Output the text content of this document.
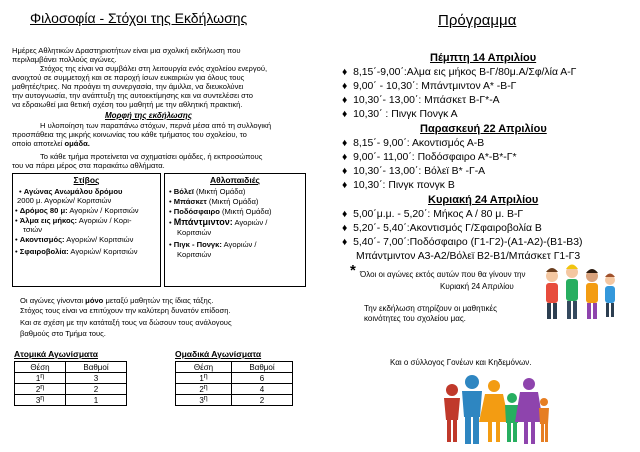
Φιλοσοφία - Στόχοι της Εκδήλωσης
Ημέρες Αθλητικών Δραστηριοτήτων είναι μια σχολική εκδήλωση που
περιλαμβάνει πολλούς αγώνες.
Στόχος της είναι να συμβάλει στη λειτουργία ενός σχολείου ενεργού,
ανοιχτού σε συμμετοχή και σε παροχή ίσων ευκαιριών για όλους τους
μαθητές/τριες. Να προάγει τη συνεργασία, την άμιλλα, να διευκολύνει
την αυτογνωσία, την ανάπτυξη της αυτοεκτίμησης και να συντελέσει στο
να εδραιωθεί μια θετική σχέση του μαθητή με την αθλητική πρακτική.
Μορφή της εκδήλωσης
Η υλοποίηση των παραπάνω στόχων, περνά μέσα από τη συλλογική
προσπάθεια της μικρής κοινωνίας του κάθε τμήματος του σχολείου, το
οποίο αποτελεί ομάδα.
Το κάθε τμήμα προτείνεται να σχηματίσει ομάδες, ή εκπροσώπους
του να πάρει μέρος στα παρακάτω αθλήματα.
Στίβος
• Αγώνας Ανωμάλου δρόμου
2000 μ. Αγοριών/ Κοριτσιών
• Δρόμος 80 μ: Αγοριών / Κοριτσιών
• Άλμα εις μήκος: Αγοριών / Κορι-
τσιών
• Ακοντισμός: Αγοριών/ Κοριτσιών
• Σφαιροβολία: Αγοριών/ Κοριτσιών
Αθλοπαιδιές
• Βόλεϊ (Μικτή Ομάδα)
• Μπάσκετ (Μικτή Ομάδα)
• Ποδόσφαιρο (Μικτή Ομάδα)
• Μπάντμιντον: Αγοριών /
Κοριτσιών
• Πιγκ - Πονγκ: Αγοριών /
Κοριτσιών
Οι αγώνες γίνονται μόνο μεταξύ μαθητών της ίδιας τάξης.
Στόχος τους είναι να επιτύχουν την καλύτερη δυνατόν επίδοση.
Και σε σχέση με την κατάταξή τους να δώσουν τους ανάλογους
βαθμούς στο Τμήμα τους.
Ατομικά Αγωνίσματα
Θέση	Βαθμοί
1η	3
2η	2
3η	1
Ομαδικά Αγωνίσματα
Θέση	Βαθμοί
1η	6
2η	4
3η	2
Πρόγραμμα
Πέμπτη 14 Απριλίου
♦  8,15΄-9,00΄:Αλμα εις μήκος Β-Γ/80μ.Α/Σφ/λία Α-Γ
♦  9,00΄ - 10,30΄: Μπάντμιντον Α* -Β-Γ
♦  10,30΄- 13,00΄: Μπάσκετ Β-Γ*-Α
♦  10,30΄ : Πινγκ Πονγκ Α
Παρασκευή 22 Απριλίου
♦  8,15΄- 9,00΄: Ακοντισμός Α-Β
♦  9,00΄- 11,00΄: Ποδόσφαιρο Α*-Β*-Γ*
♦  10,30΄- 13,00΄: Βόλεϊ Β* -Γ-Α
♦  10,30΄: Πινγκ πονγκ Β
Κυριακή 24 Απριλίου
♦  5,00΄μ.μ. - 5,20΄: Μήκος Α / 80 μ. Β-Γ
♦  5,20΄- 5,40΄:Ακοντισμός Γ/Σφαιροβολία Β
♦  5,40΄- 7,00΄:Ποδόσφαιρο (Γ1-Γ2)-(Α1-Α2)-(Β1-Β3)
Μπάντμιντον Α3-Α2/Βόλεϊ Β2-Β1/Μπάσκετ Γ1-Γ3
* Όλοι οι αγώνες εκτός αυτών που θα γίνουν την
Κυριακή 24 Απριλίου
Την εκδήλωση στηρίζουν οι μαθητικές
κοινότητες του σχολείου μας.
Και ο σύλλογος Γονέων και Κηδεμόνων.
